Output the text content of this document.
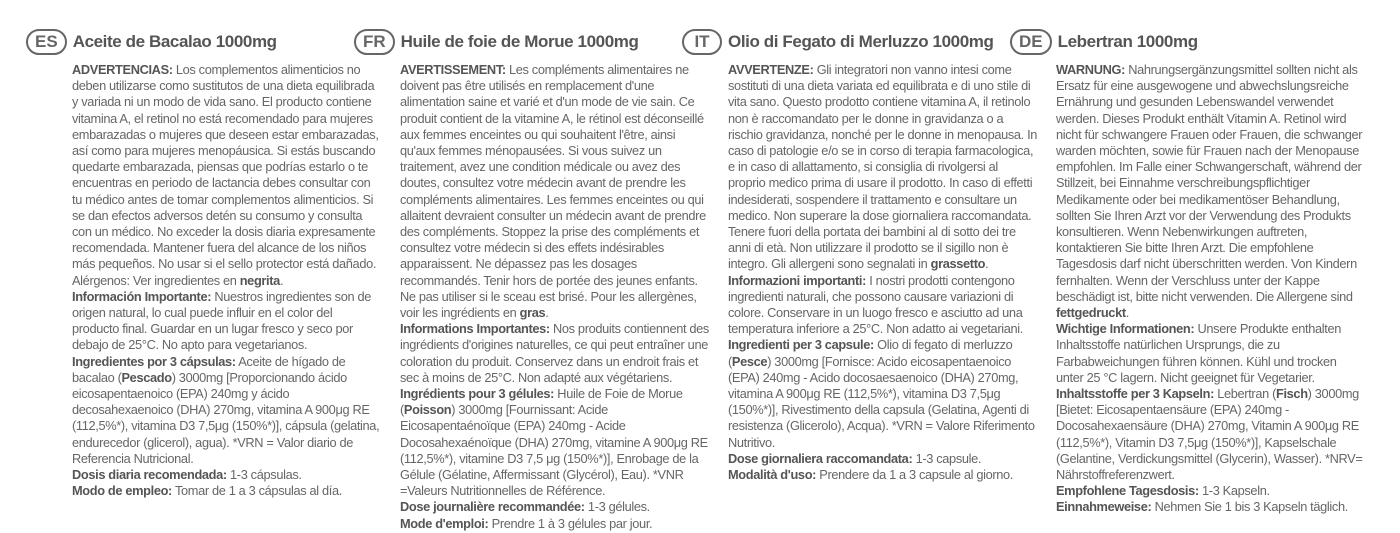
ES Aceite de Bacalao 1000mg

ADVERTENCIAS: Los complementos alimenticios no deben utilizarse como sustitutos de una dieta equilibrada y variada ni un modo de vida sano. El producto contiene vitamina A, el retinol no está recomendado para mujeres embarazadas o mujeres que deseen estar embarazadas, así como para mujeres menopáusica. Si estás buscando quedarte embarazada, piensas que podrías estarlo o te encuentras en periodo de lactancia debes consultar con tu médico antes de tomar complementos alimenticios. Si se dan efectos adversos detén su consumo y consulta con un médico. No exceder la dosis diaria expresamente recomendada. Mantener fuera del alcance de los niños más pequeños. No usar si el sello protector está dañado. Alérgenos: Ver ingredientes en negrita.

Información Importante: Nuestros ingredientes son de origen natural, lo cual puede influir en el color del producto final. Guardar en un lugar fresco y seco por debajo de 25°C. No apto para vegetarianos.

Ingredientes por 3 cápsulas: Aceite de hígado de bacalao (Pescado) 3000mg [Proporcionando ácido eicosapentaenoico (EPA) 240mg y ácido decosahexaenoico (DHA) 270mg, vitamina A 900μg RE (112,5%*), vitamina D3 7,5μg (150%*)], cápsula (gelatina, endurecedor (glicerol), agua). *VRN = Valor diario de Referencia Nutricional.

Dosis diaria recomendada: 1-3 cápsulas.

Modo de empleo: Tomar de 1 a 3 cápsulas al día.

FR Huile de foie de Morue 1000mg

AVERTISSEMENT: Les compléments alimentaires ne doivent pas être utilisés en remplacement d'une alimentation saine et varié et d'un mode de vie sain. Ce produit contient de la vitamine A, le rétinol est déconseillé aux femmes enceintes ou qui souhaitent l'être, ainsi qu'aux femmes ménopausées. Si vous suivez un traitement, avez une condition médicale ou avez des doutes, consultez votre médecin avant de prendre les compléments alimentaires. Les femmes enceintes ou qui allaitent devraient consulter un médecin avant de prendre des compléments. Stoppez la prise des compléments et consultez votre médecin si des effets indésirables apparaissent. Ne dépassez pas les dosages recommandés. Tenir hors de portée des jeunes enfants. Ne pas utiliser si le sceau est brisé. Pour les allergènes, voir les ingrédients en gras.

Informations Importantes: Nos produits contiennent des ingrédients d'origines naturelles, ce qui peut entraîner une coloration du produit. Conservez dans un endroit frais et sec à moins de 25°C. Non adapté aux végétariens.

Ingrédients pour 3 gélules: Huile de Foie de Morue (Poisson) 3000mg [Fournissant: Acide Eicosapentaénoïque (EPA) 240mg - Acide Docosahexaénoïque (DHA) 270mg, vitamine A 900μg RE (112,5%*), vitamine D3 7,5 μg (150%*)], Enrobage de la Gélule (Gélatine, Affermissant (Glycérol), Eau). *VNR =Valeurs Nutritionnelles de Référence.

Dose journalière recommandée: 1-3 gélules.

Mode d'emploi: Prendre 1 à 3 gélules par jour.

IT	Olio di Fegato di Merluzzo 1000mg

AVVERTENZE: Gli integratori non vanno intesi come sostituti di una dieta variata ed equilibrata e di uno stile di vita sano. Questo prodotto contiene vitamina A, il retinolo non è raccomandato per le donne in gravidanza o a rischio gravidanza, nonché per le donne in menopausa. In caso di patologie e/o se in corso di terapia farmacologica, e in caso di allattamento, si consiglia di rivolgersi al proprio medico prima di usare il prodotto. In caso di effetti indesiderati, sospendere il trattamento e consultare un medico. Non superare la dose giornaliera raccomandata. Tenere fuori della portata dei bambini al di sotto dei tre anni di età. Non utilizzare il prodotto se il sigillo non è integro. Gli allergeni sono segnalati in grassetto.

Informazioni importanti: I nostri prodotti contengono ingredienti naturali, che possono causare variazioni di colore. Conservare in un luogo fresco e asciutto ad una temperatura inferiore a 25°C. Non adatto ai vegetariani.

Ingredienti per 3 capsule: Olio di fegato di merluzzo (Pesce) 3000mg [Fornisce: Acido eicosapentaenoico (EPA) 240mg - Acido docosaesaenoico (DHA) 270mg, vitamina A 900μg RE (112,5%*), vitamina D3 7,5μg (150%*)], Rivestimento della capsula (Gelatina, Agenti di resistenza (Glicerolo), Acqua). *VRN = Valore Riferimento Nutritivo.

Dose giornaliera raccomandata: 1-3 capsule.

Modalità d'uso: Prendere da 1 a 3 capsule al giorno.

DE Lebertran 1000mg

WARNUNG: Nahrungsergänzungsmittel sollten nicht als Ersatz für eine ausgewogene und abwechslungsreiche Ernährung und gesunden Lebenswandel verwendet werden. Dieses Produkt enthält Vitamin A. Retinol wird nicht für schwangere Frauen oder Frauen, die schwanger warden möchten, sowie für Frauen nach der Menopause empfohlen. Im Falle einer Schwangerschaft, während der Stillzeit, bei Einnahme verschreibungspflichtiger Medikamente oder bei medikamentöser Behandlung, sollten Sie Ihren Arzt vor der Verwendung des Produkts konsultieren. Wenn Nebenwirkungen auftreten, kontaktieren Sie bitte Ihren Arzt. Die empfohlene Tagesdosis darf nicht überschritten werden. Von Kindern fernhalten. Wenn der Verschluss unter der Kappe beschädigt ist, bitte nicht verwenden. Die Allergene sind fettgedruckt.

Wichtige Informationen: Unsere Produkte enthalten Inhaltsstoffe natürlichen Ursprungs, die zu Farbabweichungen führen können. Kühl und trocken unter 25 °C lagern. Nicht geeignet für Vegetarier.

Inhaltsstoffe per 3 Kapseln: Lebertran (Fisch) 3000mg [Bietet: Eicosapentaensäure (EPA) 240mg - Docosahexaensäure (DHA) 270mg, Vitamin A 900μg RE (112,5%*), Vitamin D3 7,5μg (150%*)], Kapselschale (Gelantine, Verdickungsmittel (Glycerin), Wasser). *NRV= Nährstoffreferenzwert.

Empfohlene Tagesdosis: 1-3 Kapseln.

Einnahmeweise: Nehmen Sie 1 bis 3 Kapseln täglich.
